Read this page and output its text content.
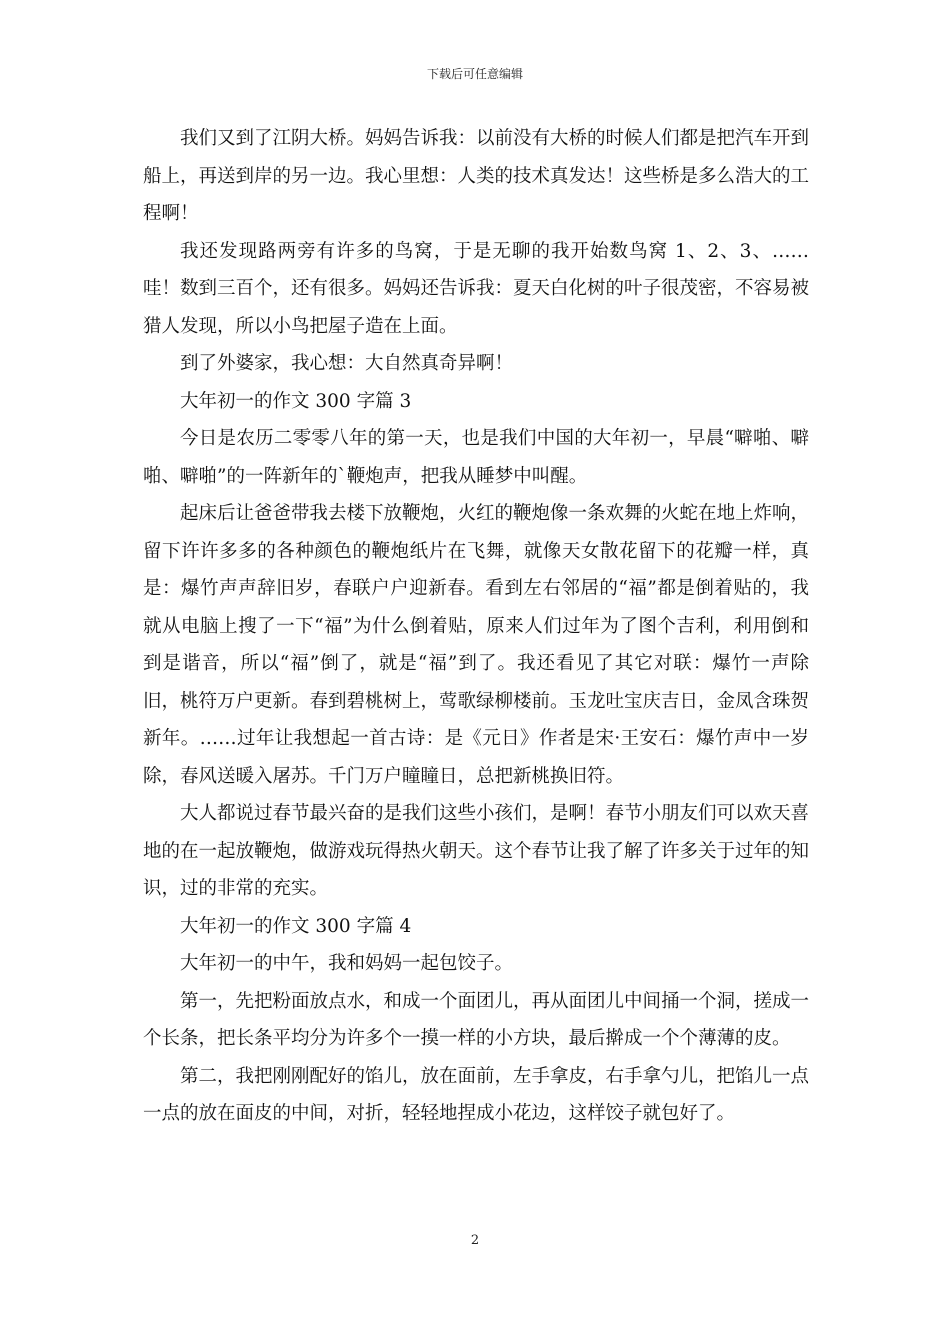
下载后可任意编辑

我们又到了江阴大桥。妈妈告诉我：以前没有大桥的时候人们都是把汽车开到船上，再送到岸的另一边。我心里想：人类的技术真发达！这些桥是多么浩大的工程啊！

我还发现路两旁有许多的鸟窝，于是无聊的我开始数鸟窝 1、2、3、……哇！数到三百个，还有很多。妈妈还告诉我：夏天白化树的叶子很茂密，不容易被猎人发现，所以小鸟把屋子造在上面。

到了外婆家，我心想：大自然真奇异啊！

大年初一的作文 300 字篇 3

今日是农历二零零八年的第一天，也是我们中国的大年初一，早晨“噼啪、噼啪、噼啪”的一阵新年的`鞭炮声，把我从睡梦中叫醒。

起床后让爸爸带我去楼下放鞭炮，火红的鞭炮像一条欢舞的火蛇在地上炸响，留下许许多多的各种颜色的鞭炮纸片在飞舞，就像天女散花留下的花瓣一样，真是：爆竹声声辞旧岁，春联户户迎新春。看到左右邻居的“福”都是倒着贴的，我就从电脑上搜了一下“福”为什么倒着贴，原来人们过年为了图个吉利，利用倒和到是谐音，所以“福”倒了，就是“福”到了。我还看见了其它对联：爆竹一声除旧，桃符万户更新。春到碧桃树上，莺歌绿柳楼前。玉龙吐宝庆吉日，金凤含珠贺新年。……过年让我想起一首古诗：是《元日》作者是宋·王安石：爆竹声中一岁除，春风送暖入屠苏。千门万户瞳瞳日，总把新桃换旧符。

大人都说过春节最兴奋的是我们这些小孩们，是啊！春节小朋友们可以欢天喜地的在一起放鞭炮，做游戏玩得热火朝天。这个春节让我了解了许多关于过年的知识，过的非常的充实。

大年初一的作文 300 字篇 4

大年初一的中午，我和妈妈一起包饺子。

第一，先把粉面放点水，和成一个面团儿，再从面团儿中间捅一个洞，搓成一个长条，把长条平均分为许多个一摸一样的小方块，最后擀成一个个薄薄的皮。

第二，我把刚刚配好的馅儿，放在面前，左手拿皮，右手拿勺儿，把馅儿一点一点的放在面皮的中间，对折，轻轻地捏成小花边，这样饺子就包好了。

2
